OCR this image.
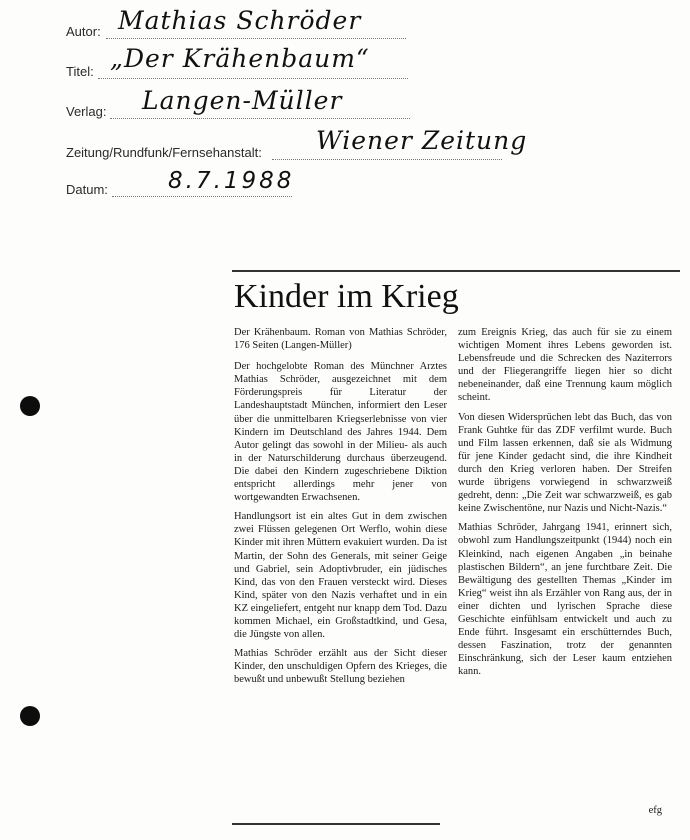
Autor: Mathias Schröder
Titel: „Der Krähenbaum“
Verlag: Langen-Müller
Zeitung/Rundfunk/Fernsehanstalt: Wiener Zeitung
Datum:	8.7.1988
Kinder im Krieg

Der Krähenbaum. Roman von Mathias Schröder, 176 Seiten (Langen-Müller)

Der hochgelobte Roman des Münchner Arztes Mathias Schröder, ausgezeichnet mit dem Förderungspreis für Literatur der Landeshauptstadt München, informiert den Leser über die unmittelbaren Kriegserlebnisse von vier Kindern im Deutschland des Jahres 1944. Dem Autor gelingt das sowohl in der Milieu- als auch in der Naturschilderung durchaus überzeugend. Die dabei den Kindern zugeschriebene Diktion entspricht allerdings mehr jener von wortgewandten Erwachsenen.

Handlungsort ist ein altes Gut in dem zwischen zwei Flüssen gelegenen Ort Werflo, wohin diese Kinder mit ihren Müttern evakuiert wurden. Da ist Martin, der Sohn des Generals, mit seiner Geige und Gabriel, sein Adoptivbruder, ein jüdisches Kind, das von den Frauen versteckt wird. Dieses Kind, später von den Nazis verhaftet und in ein KZ eingeliefert, entgeht nur knapp dem Tod. Dazu kommen Michael, ein Großstadtkind, und Gesa, die Jüngste von allen.

Mathias Schröder erzählt aus der Sicht dieser Kinder, den unschuldigen Opfern des Krieges, die bewußt und unbewußt Stellung beziehen

zum Ereignis Krieg, das auch für sie zu einem wichtigen Moment ihres Lebens geworden ist. Lebensfreude und die Schrecken des Naziterrors und der Fliegerangriffe liegen hier so dicht nebeneinander, daß eine Trennung kaum möglich scheint.

Von diesen Widersprüchen lebt das Buch, das von Frank Guhtke für das ZDF verfilmt wurde. Buch und Film lassen erkennen, daß sie als Widmung für jene Kinder gedacht sind, die ihre Kindheit durch den Krieg verloren haben. Der Streifen wurde übrigens vorwiegend in schwarzweiß gedreht, denn: „Die Zeit war schwarzweiß, es gab keine Zwischentöne, nur Nazis und Nicht-Nazis.“

Mathias Schröder, Jahrgang 1941, erinnert sich, obwohl zum Handlungszeitpunkt (1944) noch ein Kleinkind, nach eigenen Angaben „in beinahe plastischen Bildern“, an jene furchtbare Zeit. Die Bewältigung des gestellten Themas „Kinder im Krieg“ weist ihn als Erzähler von Rang aus, der in einer dichten und lyrischen Sprache diese Geschichte einfühlsam entwickelt und auch zu Ende führt. Insgesamt ein erschütterndes Buch, dessen Faszination, trotz der genannten Einschränkung, sich der Leser kaum entziehen kann.

efg
